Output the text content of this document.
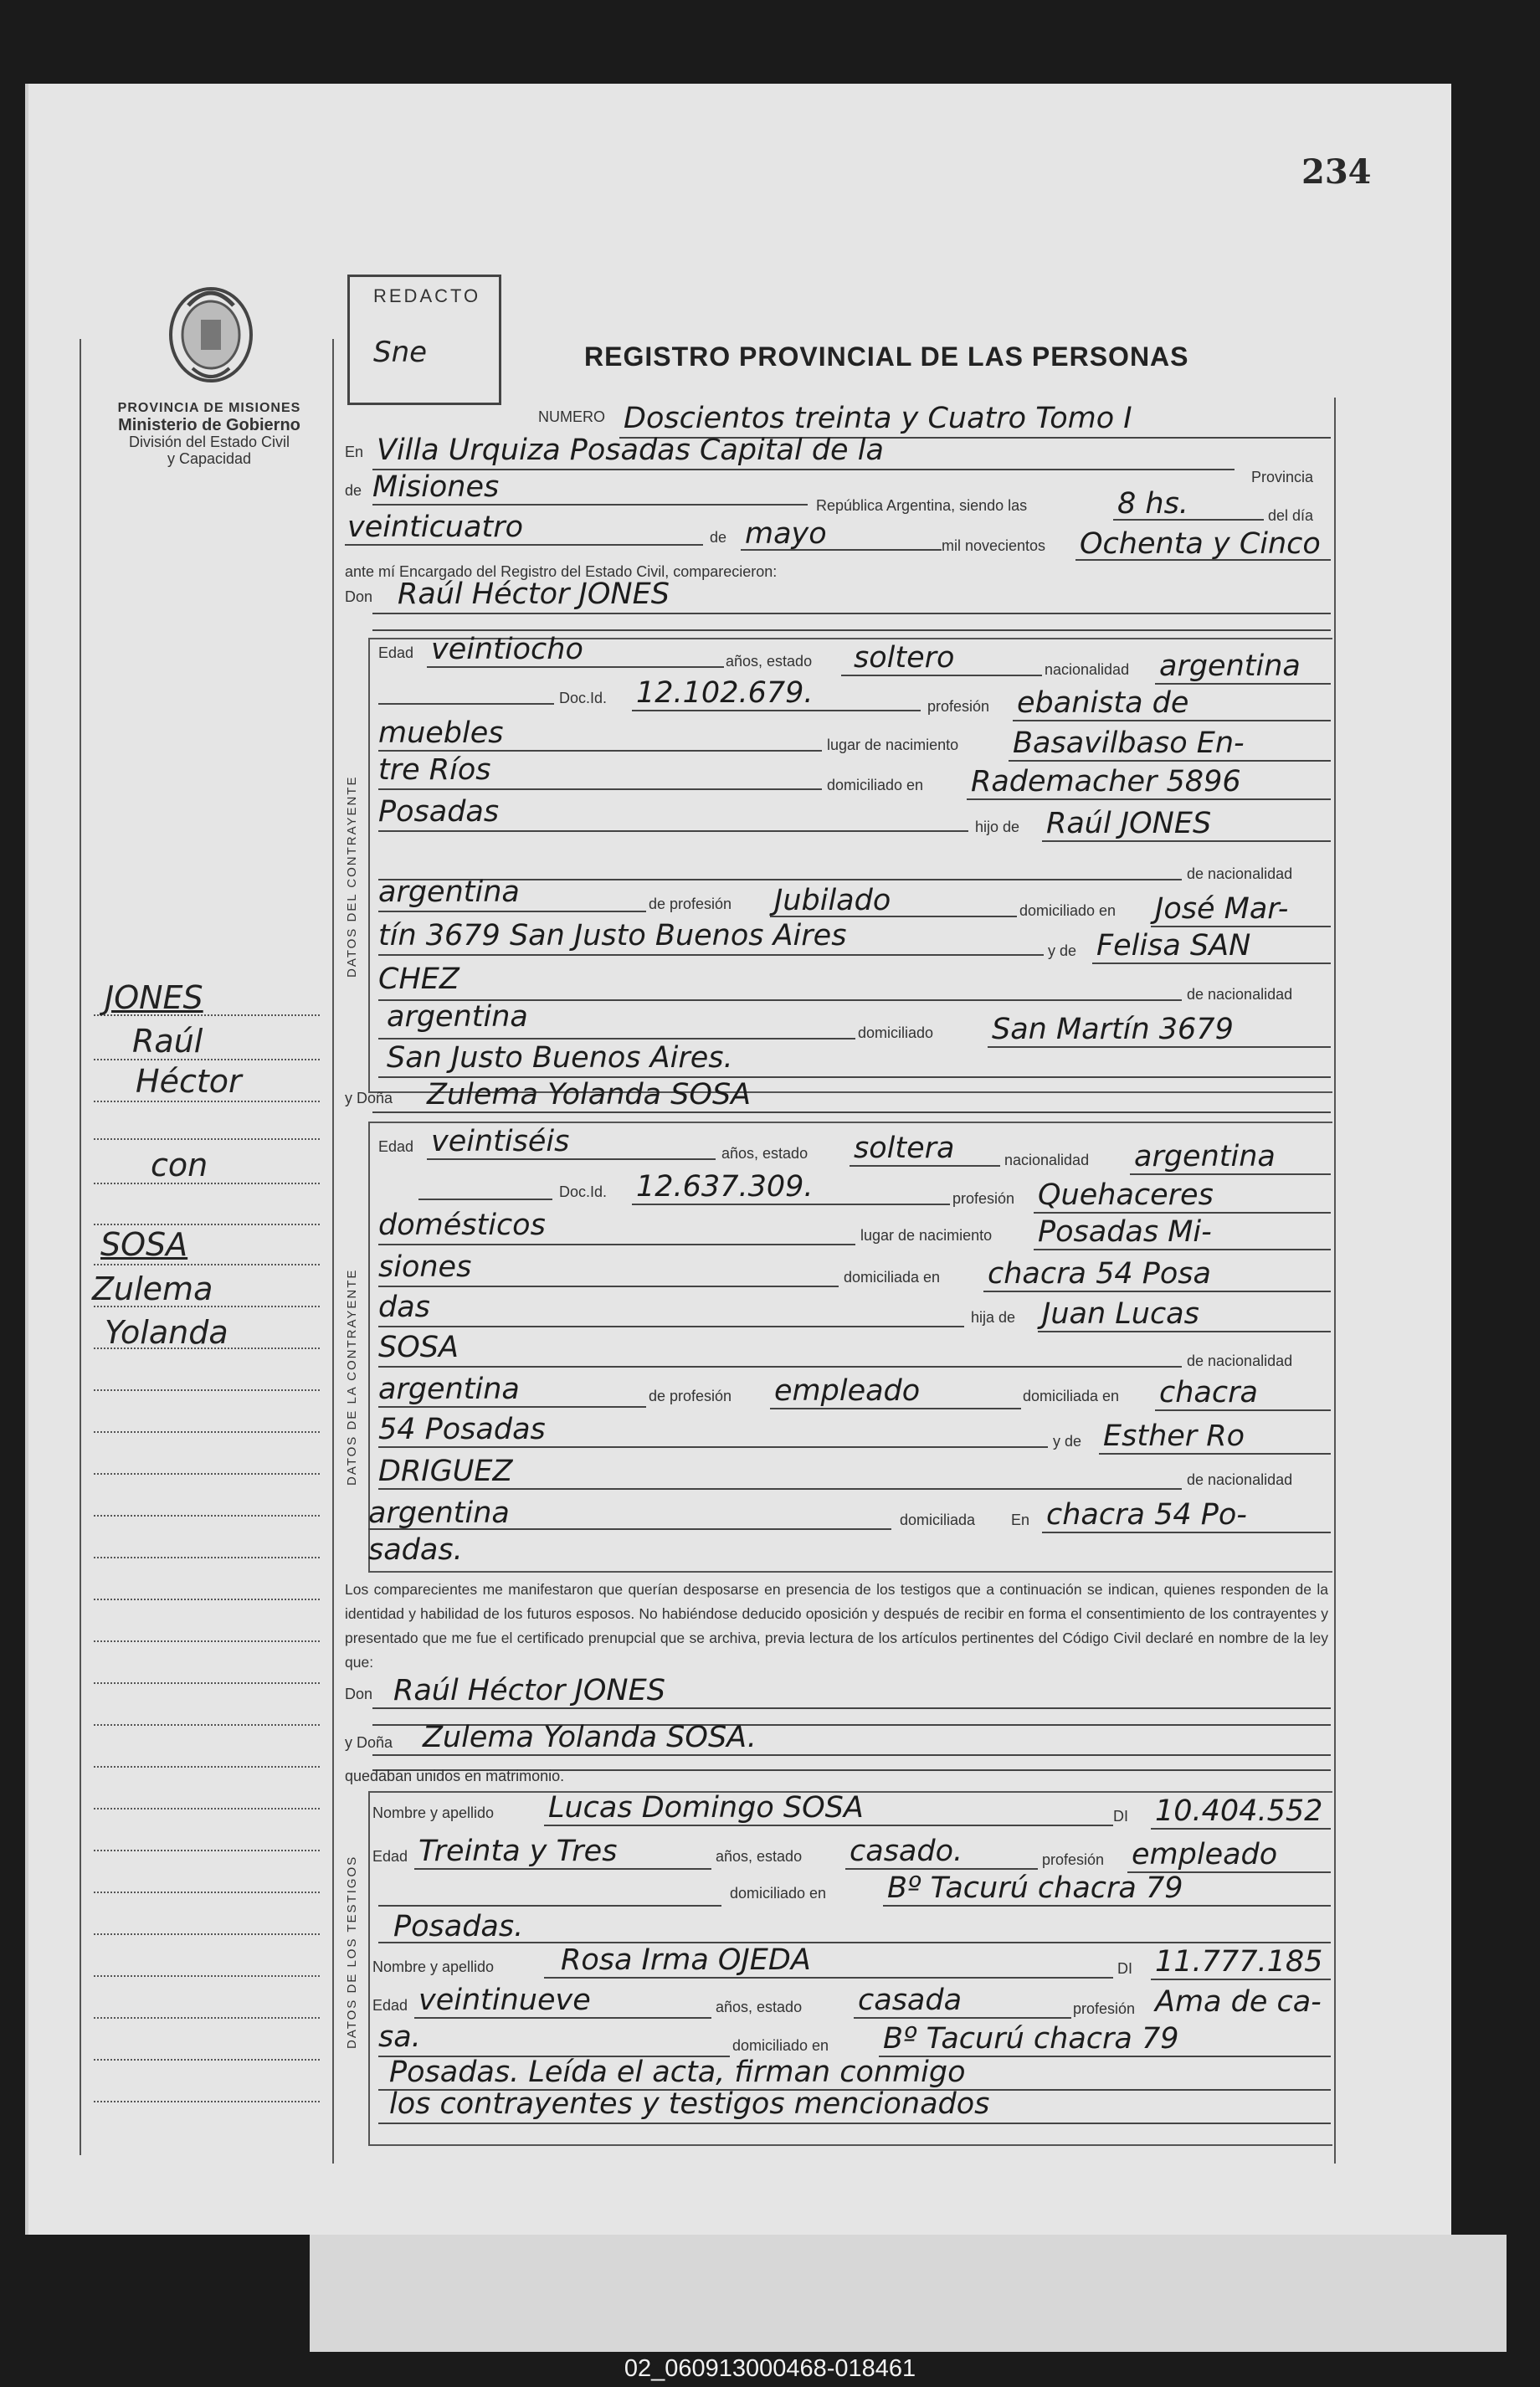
234
PROVINCIA DE MISIONES
Ministerio de Gobierno
División del Estado Civil
y Capacidad
JONES
Raúl
Héctor
con
SOSA
Zulema
Yolanda
REDACTO
Sne	REGISTRO PROVINCIAL DE LAS PERSONAS
NUMERO Doscientos treinta y Cuatro Tomo I
En Villa Urquiza Posadas Capital de la
Provincia
de Misiones
República Argentina, siendo las	8 hs.	del día
veinticuatro	de mayo	mil novecientos Ochenta y Cinco
ante mí Encargado del Registro del Estado Civil, comparecieron:
Don Raúl Héctor JONES
DATOS DEL CONTRAYENTE
Edad veintiocho	años, estado soltero	nacionalidad argentina
Doc.Id. 12.102.679.	profesión ebanista de
muebles	lugar de nacimiento Basavilbaso En-
tre Ríos	domiciliado en Rademacher 5896
Posadas	hijo de Raúl JONES
de nacionalidad
argentina	de profesión Jubilado	domiciliado en José Mar-
tín 3679 San Justo Buenos Aires	y de Felisa SAN
CHEZ	de nacionalidad
argentina	domiciliado San Martín 3679
San Justo Buenos Aires.
y Doña Zulema Yolanda SOSA
DATOS DE LA CONTRAYENTE
Edad veintiséis	años, estado soltera	nacionalidad argentina
Doc.Id. 12.637.309.	profesión Quehaceres
domésticos	lugar de nacimiento Posadas Mi-
siones	domiciliada en chacra 54 Posa
das	hija de Juan Lucas
SOSA	de nacionalidad
argentina	de profesión empleado	domiciliada en chacra
54 Posadas	y de Esther Ro
DRIGUEZ	de nacionalidad
argentina	domiciliada En chacra 54 Po-
sadas.
Los comparecientes me manifestaron que querían desposarse en presencia de los testigos que a continuación se indican, quienes responden de la identidad y habilidad de los futuros esposos. No habiéndose deducido oposición y después de recibir en forma el consentimiento de los contrayentes y presentado que me fue el certificado prenupcial que se archiva, previa lectura de los artículos pertinentes del Código Civil declaré en nombre de la ley que:
Don Raúl Héctor JONES
y Doña Zulema Yolanda SOSA.
quedaban unidos en matrimonio.
DATOS DE LOS TESTIGOS
Nombre y apellido Lucas Domingo SOSA	DI 10.404.552
Edad Treinta y Tres	años, estado casado.	profesión empleado
domiciliado en Bº Tacurú chacra 79
Posadas.
Nombre y apellido Rosa Irma OJEDA	DI 11.777.185
Edad veintinueve	años, estado casada	profesión Ama de ca-
sa.	domiciliado en Bº Tacurú chacra 79
Posadas. Leída el acta, firman conmigo
los contrayentes y testigos mencionados
02_060913000468-018461
